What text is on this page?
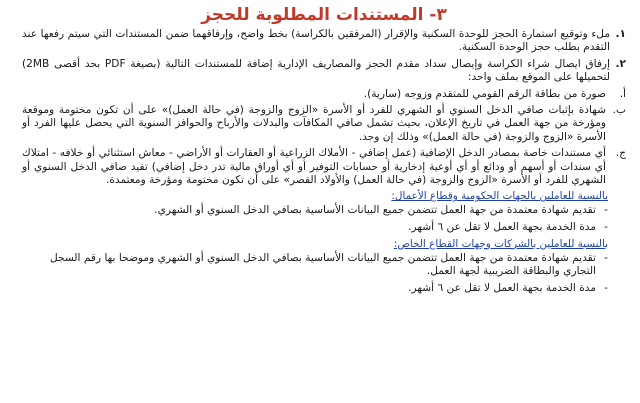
٣- المستندات المطلوبة للحجز
١.
ملء وتوقيع استمارة الحجز للوحدة السكنية والإقرار (المرفقين بالكراسة) بخط واضح، وإرفاقهما ضمن المستندات التي سيتم رفعها عند التقدم بطلب حجز الوحدة السكنية.
٢.
إرفاق ايصال شراء الكراسة وإيصال سداد مقدم الحجز والمصاريف الإدارية إضافة للمستندات التالية (بصيغة PDF بحد أقصى 2MB) لتحميلها على الموقع بملف واحد:
أ.
صورة من بطاقة الرقم القومي للمتقدم وزوجه (سارية).
ب.
شهادة بإثبات صافي الدخل السنوي أو الشهري للفرد أو الأسرة «الزوج والزوجة (في حالة العمل)» على أن تكون مختومة وموقعة ومؤرخة من جهة العمل في تاريخ الإعلان، بحيث تشمل صافي المكافآت والبدلات والأرباح والحوافز السنوية التي يحصل عليها الفرد أو الأسرة «الزوج والزوجة (في حالة العمل)» وذلك إن وجد.
ج.
أي مستندات خاصة بمصادر الدخل الإضافية (عمل إضافي - الأملاك الزراعية أو العقارات أو الأراضي - معاش استثنائي أو خلافه - امتلاك أي سندات أو أسهم أو ودائع أو أي أوعية إدخارية أو حسابات التوفير أو أي أوراق مالية تدر دخل إضافي) تفيد صافي الدخل السنوي أو الشهري للفرد أو الأسرة «الزوج والزوجة (في حالة العمل) والأولاد القصر» على أن تكون مختومة ومؤرخة ومعتمدة.
بالنسبة للعاملين بالجهات الحكومية وقطاع الأعمال:
-
تقديم شهادة معتمدة من جهة العمل تتضمن جميع البيانات الأساسية بصافي الدخل السنوي أو الشهري.
-
مدة الخدمة بجهة العمل لا تقل عن ٦ أشهر.
بالنسبة للعاملين بالشركات وجهات القطاع الخاص:
-
تقديم شهادة معتمدة من جهة العمل تتضمن جميع البيانات الأساسية بصافي الدخل السنوي أو الشهري وموضحا بها رقم السجل التجاري والبطاقة الضريبية لجهة العمل.
-
مدة الخدمة بجهة العمل لا تقل عن ٦ أشهر.
